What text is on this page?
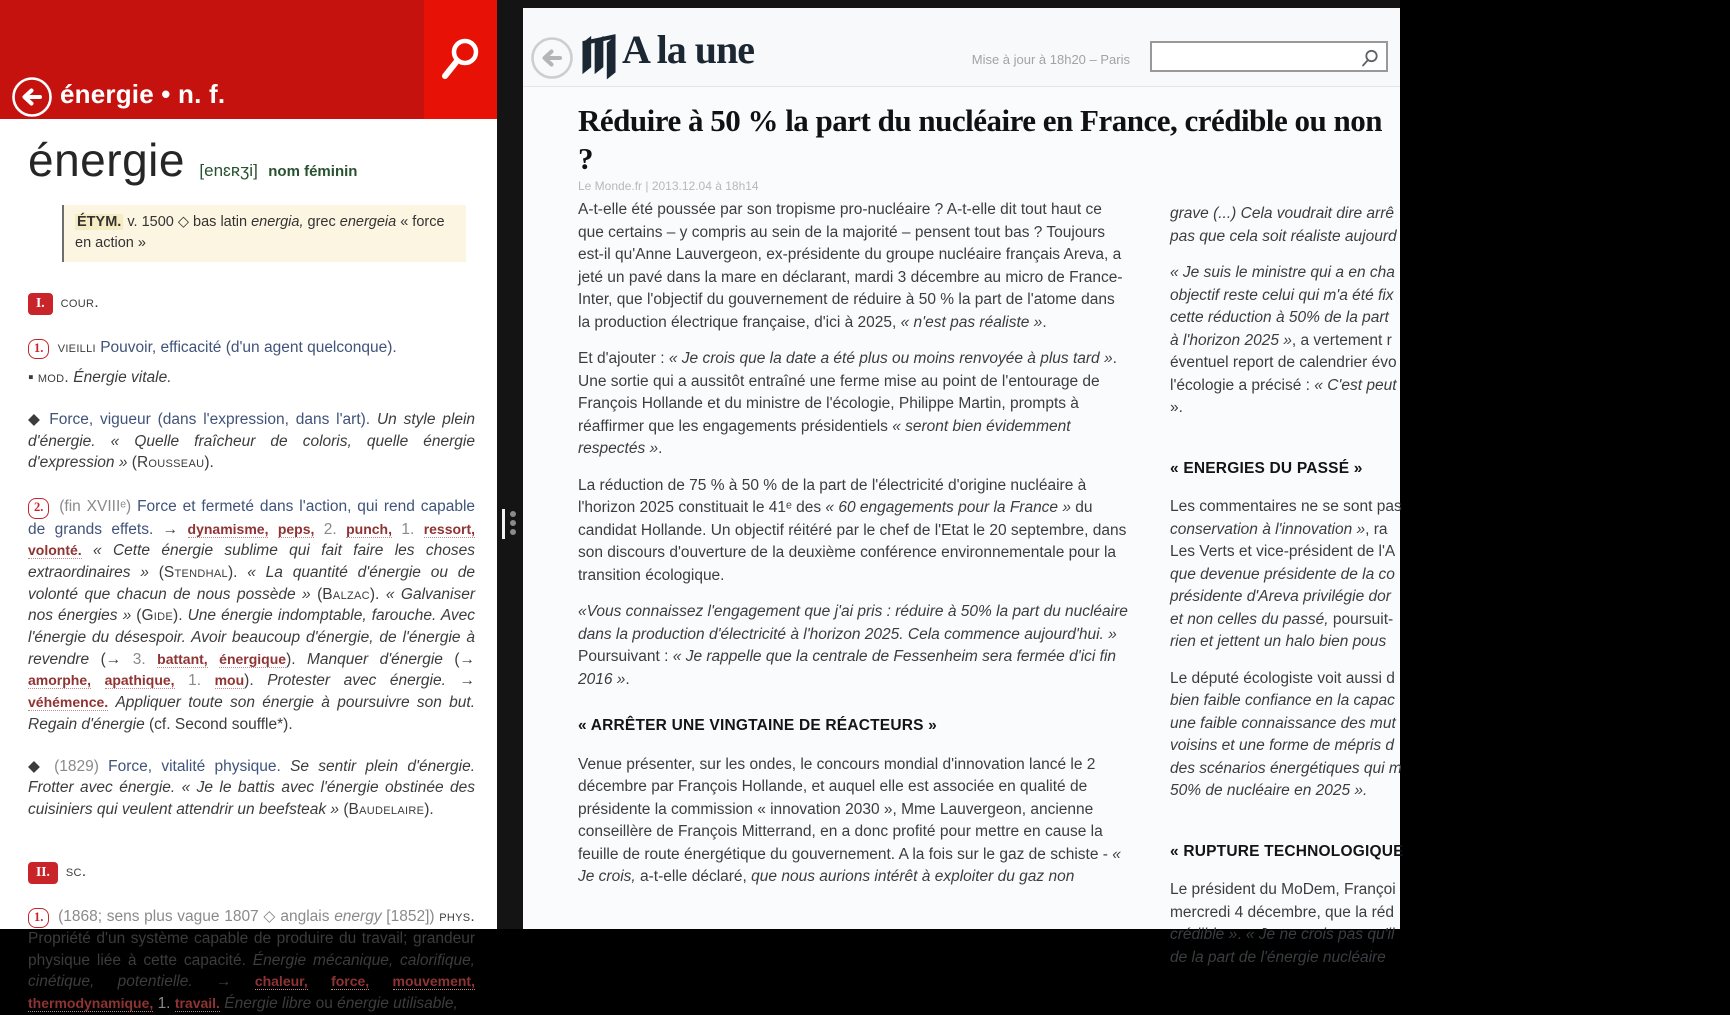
énergie • n. f.
énergie [enɛʀʒi] nom féminin
ÉTYM. v. 1500 ◇ bas latin energia, grec energeia « force en action »
I. cour.
1. vieilli Pouvoir, efficacité (d'un agent quelconque).
▪ mod. Énergie vitale.
◆ Force, vigueur (dans l'expression, dans l'art). Un style plein d'énergie. « Quelle fraîcheur de coloris, quelle énergie d'expression » (Rousseau).
2. (fin XVIIIᵉ) Force et fermeté dans l'action, qui rend capable de grands effets. → dynamisme, peps, 2. punch, 1. ressort, volonté. « Cette énergie sublime qui fait faire les choses extraordinaires » (Stendhal). « La quantité d'énergie ou de volonté que chacun de nous possède » (Balzac). « Galvaniser nos énergies » (Gide). Une énergie indomptable, farouche. Avec l'énergie du désespoir. Avoir beaucoup d'énergie, de l'énergie à revendre (→ 3. battant, énergique). Manquer d'énergie (→ amorphe, apathique, 1. mou). Protester avec énergie. → véhémence. Appliquer toute son énergie à poursuivre son but. Regain d'énergie (cf. Second souffle*).
◆ (1829) Force, vitalité physique. Se sentir plein d'énergie. Frotter avec énergie. « Je le battis avec l'énergie obstinée des cuisiniers qui veulent attendrir un beefsteak » (Baudelaire).
II. sc.
1. (1868; sens plus vague 1807 ◇ anglais energy [1852]) phys. Propriété d'un système capable de produire du travail; grandeur physique liée à cette capacité. Énergie mécanique, calorifique, cinétique, potentielle. → chaleur, force, mouvement, thermodynamique, 1. travail. Énergie libre ou énergie utilisable,
A la une	Mise à jour à 18h20 – Paris
Réduire à 50 % la part du nucléaire en France, crédible ou non ?
Le Monde.fr | 2013.12.04 à 18h14

A-t-elle été poussée par son tropisme pro-nucléaire ? A-t-elle dit tout haut ce que certains – y compris au sein de la majorité – pensent tout bas ? Toujours est-il qu'Anne Lauvergeon, ex-présidente du groupe nucléaire français Areva, a jeté un pavé dans la mare en déclarant, mardi 3 décembre au micro de France-Inter, que l'objectif du gouvernement de réduire à 50 % la part de l'atome dans la production électrique française, d'ici à 2025, « n'est pas réaliste ».

Et d'ajouter : « Je crois que la date a été plus ou moins renvoyée à plus tard ». Une sortie qui a aussitôt entraîné une ferme mise au point de l'entourage de François Hollande et du ministre de l'écologie, Philippe Martin, prompts à réaffirmer que les engagements présidentiels « seront bien évidemment respectés ».

La réduction de 75 % à 50 % de la part de l'électricité d'origine nucléaire à l'horizon 2025 constituait le 41ᵉ des « 60 engagements pour la France » du candidat Hollande. Un objectif réitéré par le chef de l'Etat le 20 septembre, dans son discours d'ouverture de la deuxième conférence environnementale pour la transition écologique.

«Vous connaissez l'engagement que j'ai pris : réduire à 50% la part du nucléaire dans la production d'électricité à l'horizon 2025. Cela commence aujourd'hui. » Poursuivant : « Je rappelle que la centrale de Fessenheim sera fermée d'ici fin 2016 ».

« ARRÊTER UNE VINGTAINE DE RÉACTEURS »

Venue présenter, sur les ondes, le concours mondial d'innovation lancé le 2 décembre par François Hollande, et auquel elle est associée en qualité de présidente la commission « innovation 2030 », Mme Lauvergeon, ancienne conseillère de François Mitterrand, en a donc profité pour mettre en cause la feuille de route énergétique du gouvernement. A la fois sur le gaz de schiste - « Je crois, a-t-elle déclaré, que nous aurions intérêt à exploiter du gaz non

grave (...) Cela voudrait dire arrê
pas que cela soit réaliste aujourd
« Je suis le ministre qui a en cha
objectif reste celui qui m'a été fix
cette réduction à 50% de la part
à l'horizon 2025 », a vertement r
éventuel report de calendrier évo
l'écologie a précisé : « C'est peut
».
« ENERGIES DU PASSÉ »
Les commentaires ne se sont pas
conservation à l'innovation », ra
Les Verts et vice-président de l'A
que devenue présidente de la co
présidente d'Areva privilégie dor
et non celles du passé, poursuit-
rien et jettent un halo bien pous
Le député écologiste voit aussi d
bien faible confiance en la capac
une faible connaissance des mut
voisins et une forme de mépris d
des scénarios énergétiques qui m
50% de nucléaire en 2025 ».
« RUPTURE TECHNOLOGIQUE
Le président du MoDem, Françoi
mercredi 4 décembre, que la réd
crédible ». « Je ne crois pas qu'il
de la part de l'énergie nucléaire
